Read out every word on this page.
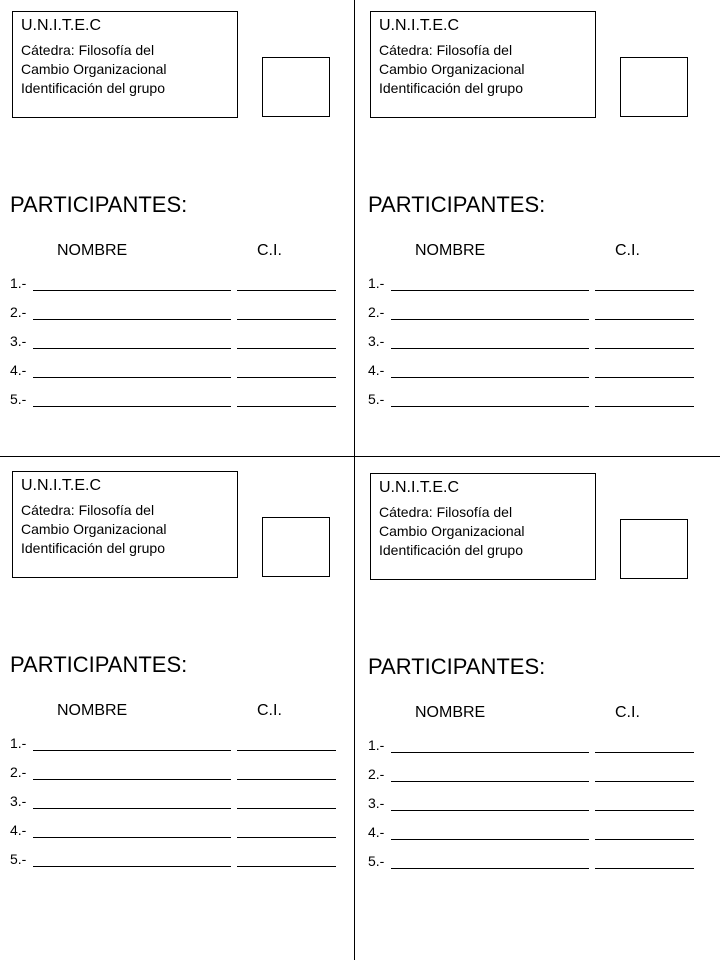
U.N.I.T.E.C
Cátedra: Filosofía del
Cambio Organizacional
Identificación del grupo
PARTICIPANTES:
NOMBRE	C.I.
1.-
2.-
3.-
4.-
5.-
U.N.I.T.E.C
Cátedra: Filosofía del
Cambio Organizacional
Identificación del grupo
PARTICIPANTES:
NOMBRE	C.I.
1.-
2.-
3.-
4.-
5.-
U.N.I.T.E.C
Cátedra: Filosofía del
Cambio Organizacional
Identificación del grupo
PARTICIPANTES:
NOMBRE	C.I.
1.-
2.-
3.-
4.-
5.-
U.N.I.T.E.C
Cátedra: Filosofía del
Cambio Organizacional
Identificación del grupo
PARTICIPANTES:
NOMBRE	C.I.
1.-
2.-
3.-
4.-
5.-
